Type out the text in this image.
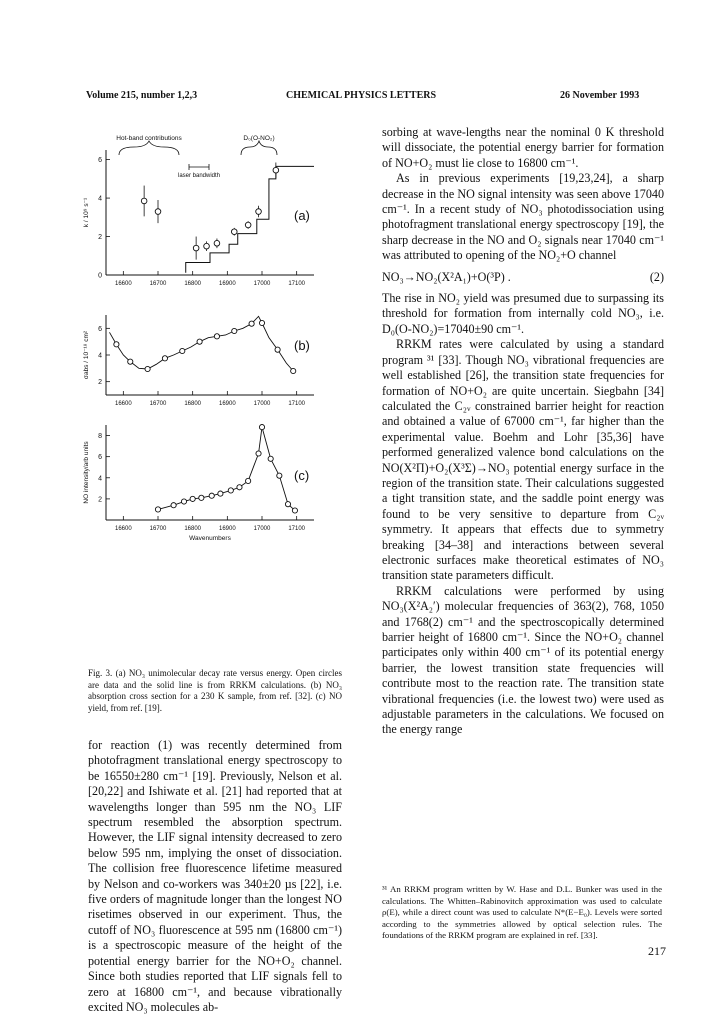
Volume 215, number 1,2,3	CHEMICAL PHYSICS LETTERS	26 November 1993
16600	16700	16800	16900	17000	17100
0
2
4
6
k / 10⁹ s⁻¹	(a)
16600	16700	16800	16900	17000	17100
2
4
6
σabs / 10⁻¹⁸ cm²	(b)
16600	16700	16800	16900	17000	17100
2
4
6
8
NO intensity/arb units	(c)
Hot-band contributions	D₀(O-NO₂)
laser bandwidth
Wavenumbers
Fig. 3. (a) NO₃ unimolecular decay rate versus energy. Open circles are data and the solid line is from RRKM calculations. (b) NO₃ absorption cross section for a 230 K sample, from ref. [32]. (c) NO yield, from ref. [19].

for reaction (1) was recently determined from photofragment translational energy spectroscopy to be 16550±280 cm⁻¹ [19]. Previously, Nelson et al. [20,22] and Ishiwate et al. [21] had reported that at wavelengths longer than 595 nm the NO₃ LIF spectrum resembled the absorption spectrum. However, the LIF signal intensity decreased to zero below 595 nm, implying the onset of dissociation. The collision free fluorescence lifetime measured by Nelson and co-workers was 340±20 µs [22], i.e. five orders of magnitude longer than the longest NO risetimes observed in our experiment. Thus, the cutoff of NO₃ fluorescence at 595 nm (16800 cm⁻¹) is a spectroscopic measure of the height of the potential energy barrier for the NO+O₂ channel. Since both studies reported that LIF signals fell to zero at 16800 cm⁻¹, and because vibrationally excited NO₃ molecules ab-

sorbing at wave-lengths near the nominal 0 K threshold will dissociate, the potential energy barrier for formation of NO+O₂ must lie close to 16800 cm⁻¹.

As in previous experiments [19,23,24], a sharp decrease in the NO signal intensity was seen above 17040 cm⁻¹. In a recent study of NO₃ photodissociation using photofragment translational energy spectroscopy [19], the sharp decrease in the NO and O₂ signals near 17040 cm⁻¹ was attributed to opening of the NO₂+O channel

NO₃→NO₂(X²A₁)+O(³P) .	(2)

The rise in NO₂ yield was presumed due to surpassing its threshold for formation from internally cold NO₃, i.e. D₀(O-NO₂)=17040±90 cm⁻¹.

RRKM rates were calculated by using a standard program ³¹ [33]. Though NO₃ vibrational frequencies are well established [26], the transition state frequencies for formation of NO+O₂ are quite uncertain. Siegbahn [34] calculated the C₂ᵥ constrained barrier height for reaction and obtained a value of 67000 cm⁻¹, far higher than the experimental value. Boehm and Lohr [35,36] have performed generalized valence bond calculations on the NO(X²Π)+O₂(X³Σ)→NO₃ potential energy surface in the region of the transition state. Their calculations suggested a tight transition state, and the saddle point energy was found to be very sensitive to departure from C₂ᵥ symmetry. It appears that effects due to symmetry breaking [34–38] and interactions between several electronic surfaces make theoretical estimates of NO₃ transition state parameters difficult.

RRKM calculations were performed by using NO₃(X²A₂′) molecular frequencies of 363(2), 768, 1050 and 1768(2) cm⁻¹ and the spectroscopically determined barrier height of 16800 cm⁻¹. Since the NO+O₂ channel participates only within 400 cm⁻¹ of its potential energy barrier, the lowest transition state frequencies will contribute most to the reaction rate. The transition state vibrational frequencies (i.e. the lowest two) were used as adjustable parameters in the calculations. We focused on the energy range

³¹ An RRKM program written by W. Hase and D.L. Bunker was used in the calculations. The Whitten–Rabinovitch approximation was used to calculate ρ(E), while a direct count was used to calculate N*(E−E₀). Levels were sorted according to the symmetries allowed by optical selection rules. The foundations of the RRKM program are explained in ref. [33].
217
